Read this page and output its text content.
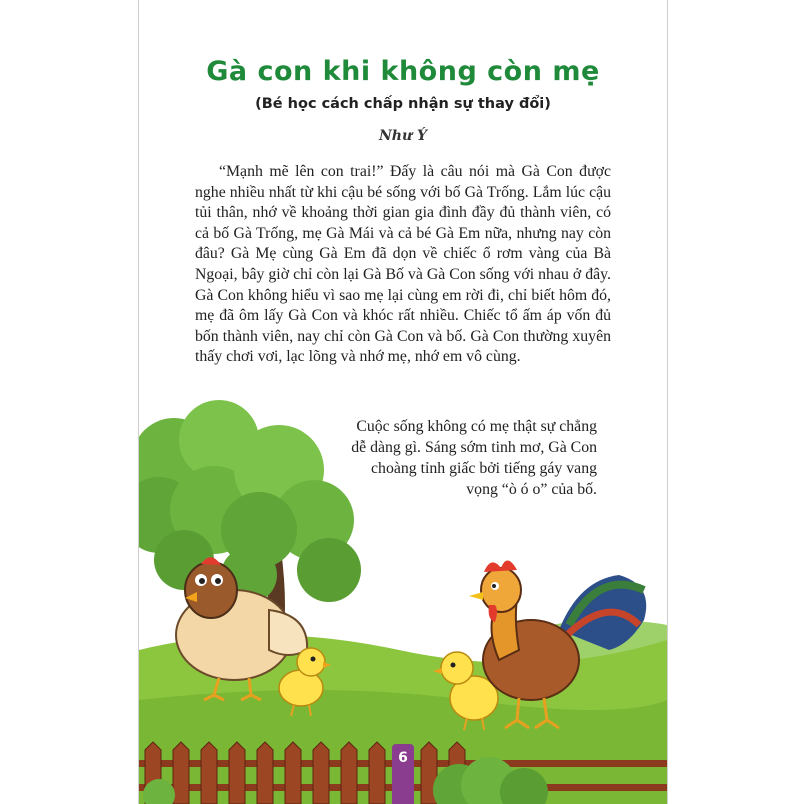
Gà con khi không còn mẹ
(Bé học cách chấp nhận sự thay đổi)
Như Ý

“Mạnh mẽ lên con trai!” Đấy là câu nói mà Gà Con được nghe nhiều nhất từ khi cậu bé sống với bố Gà Trống. Lắm lúc cậu tủi thân, nhớ về khoảng thời gian gia đình đầy đủ thành viên, có cả bố Gà Trống, mẹ Gà Mái và cả bé Gà Em nữa, nhưng nay còn đâu? Gà Mẹ cùng Gà Em đã dọn về chiếc ổ rơm vàng của Bà Ngoại, bây giờ chỉ còn lại Gà Bố và Gà Con sống với nhau ở đây. Gà Con không hiểu vì sao mẹ lại cùng em rời đi, chỉ biết hôm đó, mẹ đã ôm lấy Gà Con và khóc rất nhiều. Chiếc tổ ấm áp vốn đủ bốn thành viên, nay chỉ còn Gà Con và bố. Gà Con thường xuyên thấy chơi vơi, lạc lõng và nhớ mẹ, nhớ em vô cùng.

Cuộc sống không có mẹ thật sự chẳng
dễ dàng gì. Sáng sớm tinh mơ, Gà Con
choàng tỉnh giấc bởi tiếng gáy vang
vọng “ò ó o” của bố.
6
